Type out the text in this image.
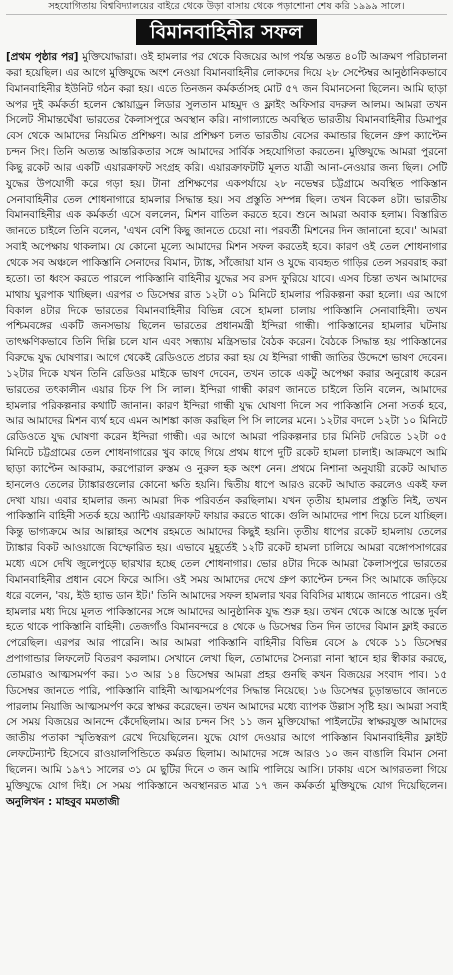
সহযোগিতায় বিশ্ববিদ্যালয়ের বাইরে থেকে উড়া বাসায় থেকে পড়াশোনা শেষ করি ১৯৯৯ সালে।
বিমানবাহিনীর সফল
[প্রথম পৃষ্ঠার পর] মুক্তিযোদ্ধারা। ওই হামলার পর থেকে বিজয়ের আগ পর্যন্ত অন্তত ৪০টি আক্রমণ পরিচালনা করা হয়েছিল। এর আগে মুক্তিযুদ্ধে অংশ নেওয়া বিমানবাহিনীর লোকদের দিয়ে ২৮ সেপ্টেম্বর আনুষ্ঠানিকভাবে বিমানবাহিনীর ইউনিট গঠন করা হয়। এতে তিনজন কর্মকর্তাসহ মোট ৫৭ জন বিমানসেনা ছিলেন। আমি ছাড়া অপর দুই কর্মকর্তা হলেন স্কোয়াড্রন লিডার সুলতান মাহমুদ ও ফ্লাইং অফিসার বদরুল আলম। আমরা তখন সিলেট সীমান্তঘেঁষা ভারতের কৈলাসপুরে অবস্থান করি। নাগাল্যান্ডে অবস্থিত ভারতীয় বিমানবাহিনীর ডিমাপুর বেস থেকে আমাদের নিয়মিত প্রশিক্ষণ। আর প্রশিক্ষণ চলত ভারতীয় বেসের কমান্ডার ছিলেন গ্রুপ ক্যাপ্টেন চন্দন সিং। তিনি অত্যন্ত আন্তরিকতার সঙ্গে আমাদের সার্বিক সহযোগিতা করতেন। মুক্তিযুদ্ধে আমরা পুরনো কিছু রকেট আর একটি এয়ারক্রাফট সংগ্রহ করি। এয়ারক্রাফটটি মূলত যাত্রী আনা-নেওয়ার জন্য ছিল। সেটি যুদ্ধের উপযোগী করে গড়া হয়। টানা প্রশিক্ষণের একপর্যায়ে ২৮ নভেম্বর চট্টগ্রামে অবস্থিত পাকিস্তান সেনাবাহিনীর তেল শোধনাগারে হামলার সিদ্ধান্ত হয়। সব প্রস্তুতি সম্পন্ন ছিল। তখন বিকেল ৪টা। ভারতীয় বিমানবাহিনীর এক কর্মকর্তা এসে বললেন, মিশন বাতিল করতে হবে। শুনে আমরা অবাক হলাম। বিস্তারিত জানতে চাইলে তিনি বলেন, 'এখন বেশি কিছু জানতে চেয়ো না। পরবর্তী মিশনের দিন জানানো হবে।' আমরা সবাই অপেক্ষায় থাকলাম। যে কোনো মূল্যে আমাদের মিশন সফল করতেই হবে। কারণ ওই তেল শোধনাগার থেকে সব অঞ্চলে পাকিস্তানি সেনাদের বিমান, ট্যাঙ্ক, সাঁজোয়া যান ও যুদ্ধে ব্যবহৃত গাড়ির তেল সরবরাহ করা হতো। তা ধ্বংস করতে পারলে পাকিস্তানি বাহিনীর যুদ্ধের সব রসদ ফুরিয়ে যাবে। এসব চিন্তা তখন আমাদের মাথায় ঘুরপাক খাচ্ছিল। এরপর ৩ ডিসেম্বর রাত ১২টা ০১ মিনিটে হামলার পরিকল্পনা করা হলো। এর আগে বিকাল ৪টার দিকে ভারতের বিমানবাহিনীর বিভিন্ন বেসে হামলা চালায় পাকিস্তানি সেনাবাহিনী। তখন পশ্চিমবঙ্গের একটি জনসভায় ছিলেন ভারতের প্রধানমন্ত্রী ইন্দিরা গান্ধী। পাকিস্তানের হামলার ঘটনায় তাৎক্ষণিকভাবে তিনি দিল্লি চলে যান এবং সন্ধ্যায় মন্ত্রিসভার বৈঠক করেন। বৈঠকে সিদ্ধান্ত হয় পাকিস্তানের বিরুদ্ধে যুদ্ধ ঘোষণার। আগে থেকেই রেডিওতে প্রচার করা হয় যে ইন্দিরা গান্ধী জাতির উদ্দেশে ভাষণ দেবেন। ১২টার দিকে যখন তিনি রেডিওর মাইকে ভাষণ দেবেন, তখন তাকে একটু অপেক্ষা করার অনুরোধ করেন ভারতের তৎকালীন এয়ার চিফ পি সি লাল। ইন্দিরা গান্ধী কারণ জানতে চাইলে তিনি বলেন, আমাদের হামলার পরিকল্পনার কথাটি জানান। কারণ ইন্দিরা গান্ধী যুদ্ধ ঘোষণা দিলে সব পাকিস্তানি সেনা সতর্ক হবে, আর আমাদের মিশন ব্যর্থ হবে এমন আশঙ্কা কাজ করছিল পি সি লালের মনে। ১২টার বদলে ১২টা ১০ মিনিটে রেডিওতে যুদ্ধ ঘোষণা করেন ইন্দিরা গান্ধী। এর আগে আমরা পরিকল্পনার চার মিনিট দেরিতে ১২টা ০৫ মিনিটে চট্টগ্রামের তেল শোধনাগারের খুব কাছে গিয়ে প্রথম ধাপে দুটি রকেট হামলা চালাই। আক্রমণে আমি ছাড়া ক্যাপ্টেন আকরাম, করপোরাল রুস্তম ও নুরুল হক অংশ নেন। প্রথমে নিশানা অনুযায়ী রকেট আঘাত হানলেও তেলের ট্যাঙ্কারগুলোর কোনো ক্ষতি হয়নি। দ্বিতীয় ধাপে আরও রকেট আঘাত করলেও একই ফল দেখা যায়। এবার হামলার জন্য আমরা দিক পরিবর্তন করছিলাম। যখন তৃতীয় হামলার প্রস্তুতি নিই, তখন পাকিস্তানি বাহিনী সতর্ক হয়ে অ্যান্টি এয়ারক্রাফট ফায়ার করতে থাকে। গুলি আমাদের পাশ দিয়ে চলে যাচ্ছিল। কিন্তু ভাগ্যক্রমে আর আল্লাহর অশেষ রহমতে আমাদের কিছুই হয়নি। তৃতীয় ধাপের রকেট হামলায় তেলের ট্যাঙ্কার বিকট আওয়াজে বিস্ফোরিত হয়। এভাবে মুহূর্তেই ১২টি রকেট হামলা চালিয়ে আমরা বঙ্গোপসাগরের মধ্যে এসে দেখি জুলেপুড়ে ছারখার হচ্ছে তেল শোধনাগার। ভোর ৪টার দিকে আমরা কৈলাসপুরে ভারতের বিমানবাহিনীর প্রধান বেসে ফিরে আসি। ওই সময় আমাদের দেখে গ্রুপ ক্যাপ্টেন চন্দন সিং আমাকে জড়িয়ে ধরে বলেন, 'বয়, ইউ হ্যাভ ডান ইট।' তিনি আমাদের সফল হামলার খবর বিবিসির মাধ্যমে জানতে পারেন। ওই হামলার মধ্য দিয়ে মূলত পাকিস্তানের সঙ্গে আমাদের আনুষ্ঠানিক যুদ্ধ শুরু হয়। তখন থেকে আস্তে আস্তে দুর্বল হতে থাকে পাকিস্তানি বাহিনী। তেজগাঁও বিমানবন্দরে ৪ থেকে ৬ ডিসেম্বর তিন দিন তাদের বিমান ফ্লাই করতে পেরেছিল। এরপর আর পারেনি। আর আমরা পাকিস্তানি বাহিনীর বিভিন্ন বেসে ৯ থেকে ১১ ডিসেম্বর প্রপাগান্ডার লিফলেট বিতরণ করলাম। সেখানে লেখা ছিল, তোমাদের সৈন্যরা নানা স্থানে হার স্বীকার করছে, তোমরাও আত্মসমর্পণ কর। ১৩ আর ১৪ ডিসেম্বর আমরা প্রহর গুনছি কখন বিজয়ের সংবাদ পাব। ১৫ ডিসেম্বর জানতে পারি, পাকিস্তানি বাহিনী আত্মসমর্পণের সিদ্ধান্ত নিয়েছে। ১৬ ডিসেম্বর চূড়ান্তভাবে জানতে পারলাম নিয়াজি আত্মসমর্পণ করে স্বাক্ষর করেছেন। তখন আমাদের মধ্যে ব্যাপক উল্লাস সৃষ্টি হয়। আমরা সবাই সে সময় বিজয়ের আনন্দে কেঁদেছিলাম। আর চন্দন সিং ১১ জন মুক্তিযোদ্ধা পাইলটের স্বাক্ষরযুক্ত আমাদের জাতীয় পতাকা স্মৃতিস্বরূপ রেখে দিয়েছিলেন। যুদ্ধে যোগ দেওয়ার আগে পাকিস্তান বিমানবাহিনীর ফ্লাইট লেফটেন্যান্ট হিসেবে রাওয়ালপিন্ডিতে কর্মরত ছিলাম। আমাদের সঙ্গে আরও ১০ জন বাঙালি বিমান সেনা ছিলেন। আমি ১৯৭১ সালের ৩১ মে ছুটির দিনে ৩ জন আমি পালিয়ে আসি। ঢাকায় এসে আগরতলা গিয়ে মুক্তিযুদ্ধে যোগ দিই। সে সময় পাকিস্তানে অবস্থানরত মাত্র ১৭ জন কর্মকর্তা মুক্তিযুদ্ধে যোগ দিয়েছিলেন। অনুলিখন : মাহবুব মমতাজী
